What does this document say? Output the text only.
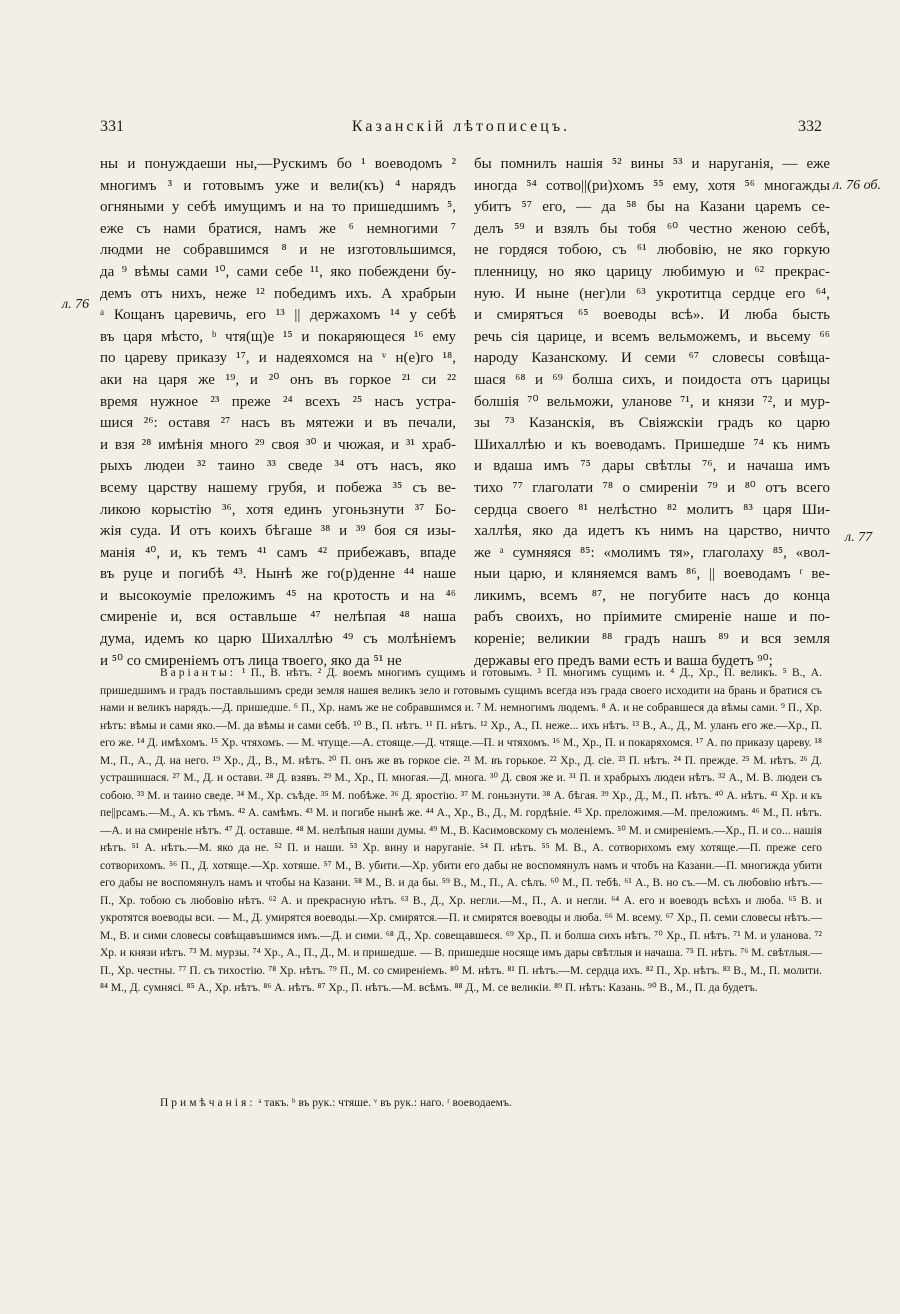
331	Казанскій лѣтописецъ.	332
л. 76
л. 76 об.
л. 77
ны и понуждаеши ны,—Рускимъ бо ¹ воеводомъ ²
многимъ ³ и готовымъ уже и вели(къ) ⁴ нарядъ
огняными у себѣ имущимъ и на то пришедшимъ ⁵,
еже съ нами братися, намъ же ⁶ немногими ⁷
людми не собравшимся ⁸ и не изготовльшимся,
да ⁹ вѣмы сами ¹⁰, сами себе ¹¹, яко побеждени бу-
демъ отъ нихъ, неже ¹² победимъ ихъ. А храбрыи
ᵃ Кощанъ царевичь, его ¹³ || держахомъ ¹⁴ у себѣ
въ царя мѣсто, ᵇ чтя(щ)е ¹⁵ и покаряющеся ¹⁶ ему
по цареву приказу ¹⁷, и надеяхомся на ᵛ н(е)го ¹⁸,
аки на царя же ¹⁹, и ²⁰ онъ въ горкое ²¹ си ²²
время нужное ²³ преже ²⁴ всехъ ²⁵ насъ устра-
шися ²⁶: оставя ²⁷ насъ въ мятежи и въ печали,
и взя ²⁸ имѣнія много ²⁹ своя ³⁰ и чюжая, и ³¹ храб-
рыхъ людеи ³² таино ³³ сведе ³⁴ отъ насъ, яко
всему царству нашему грубя, и побежа ³⁵ съ ве-
ликою корыстію ³⁶, хотя единъ угоньзнути ³⁷ Бо-
жія суда. И отъ коихъ бѣгаше ³⁸ и ³⁹ боя ся изы-
манія ⁴⁰, и, къ темъ ⁴¹ самъ ⁴² прибежавъ, впаде
въ руце и погибѣ ⁴³. Нынѣ же го(р)денне ⁴⁴ наше
и высокоуміе преложимъ ⁴⁵ на кротость и на ⁴⁶
смиреніе и, вся оставльше ⁴⁷ нелѣпая ⁴⁸ наша
дума, идемъ ко царю Шихаллѣю ⁴⁹ съ молѣніемъ
и ⁵⁰ со смиреніемъ отъ лица твоего, яко да ⁵¹ не
бы помнилъ нашія ⁵² вины ⁵³ и наруганія, — еже
иногда ⁵⁴ сотво||(ри)хомъ ⁵⁵ ему, хотя ⁵⁶ многажды
убитъ ⁵⁷ его, — да ⁵⁸ бы на Казани царемъ се-
делъ ⁵⁹ и взялъ бы тобя ⁶⁰ честно женою себѣ,
не гордяся тобою, съ ⁶¹ любовію, не яко горкую
пленницу, но яко царицу любимую и ⁶² прекрас-
ную. И ныне (нег)ли ⁶³ укротитца сердце его ⁶⁴,
и смирятъся ⁶⁵ воеводы всѣ». И люба бысть
речь сія царице, и всемъ вельможемъ, и вьсему ⁶⁶
народу Казанскому. И семи ⁶⁷ словесы совѣща-
шася ⁶⁸ и ⁶⁹ болша сихъ, и поидоста отъ царицы
болшія ⁷⁰ вельможи, улановe ⁷¹, и князи ⁷², и мур-
зы ⁷³ Казанскія, въ Свіяжскіи градъ ко царю
Шихаллѣю и къ воеводамъ. Пришедше ⁷⁴ къ нимъ
и вдаша имъ ⁷⁵ дары свѣтлы ⁷⁶, и начаша имъ
тихо ⁷⁷ глаголати ⁷⁸ о смиреніи ⁷⁹ и ⁸⁰ отъ всего
сердца своего ⁸¹ нелѣстно ⁸² молитъ ⁸³ царя Ши-
халлѣя, яко да идетъ къ нимъ на царство, ничто
же ᵃ сумняяся ⁸⁵: «молимъ тя», глаголаху ⁸⁵, «вол-
ныи царю, и кляняемся вамъ ⁸⁶, || воеводамъ ʳ ве-
ликимъ, всемъ ⁸⁷, не погубите насъ до конца
рабъ своихъ, но пріимите смиреніе наше и по-
кореніе; великии ⁸⁸ градъ нашъ ⁸⁹ и вся земля
державы его предъ вами есть и ваша будетъ ⁹⁰;
Варіанты: ¹ П., В. нѣтъ. ² Д. воемъ многимъ сущимъ и готовымъ. ³ П. многимъ сущимъ и. ⁴ Д., Хр., П. великъ. ⁵ В., А. пришедшимъ и градъ поставльшимъ среди земля нашея великъ зело и готовымъ сущимъ всегда изъ града своего исходити на брань и братися съ нами и великъ нарядъ.—Д. пришедше. ⁶ П., Хр. намъ же не собравшимся и. ⁷ М. немногимъ людемъ. ⁸ А. и не собравшеся да вѣмы сами. ⁹ П., Хр. нѣтъ: вѣмы и сами яко.—М. да вѣмы и сами себѣ. ¹⁰ В., П. нѣтъ. ¹¹ П. нѣтъ. ¹² Хр., А., П. неже... ихъ нѣтъ. ¹³ В., А., Д., М. уланъ его же.—Хр., П. его же. ¹⁴ Д. имѣхомъ. ¹⁵ Хр. чтяхомъ. — М. чтуще.—А. стояще.—Д. чтяще.—П. и чтяхомъ. ¹⁶ М., Хр., П. и покаряхомся. ¹⁷ А. по приказу цареву. ¹⁸ М., П., А., Д. на него. ¹⁹ Хр., Д., В., М. нѣтъ. ²⁰ П. онъ же въ горкое сіе. ²¹ М. въ горькое. ²² Хр., Д. сіе. ²³ П. нѣтъ. ²⁴ П. прежде. ²⁵ М. нѣтъ. ²⁶ Д. устрашишася. ²⁷ М., Д. и остави. ²⁸ Д. взявъ. ²⁹ М., Хр., П. многая.—Д. многа. ³⁰ Д. своя же и. ³¹ П. и храбрыхъ людеи нѣтъ. ³² А., М. В. людеи съ собою. ³³ М. и таино сведе. ³⁴ М., Хр. съѣде. ³⁵ М. побѣже. ³⁶ Д. яростію. ³⁷ М. гоньзнути. ³⁸ А. бѣгая. ³⁹ Хр., Д., М., П. нѣтъ. ⁴⁰ А. нѣтъ. ⁴¹ Хр. и къ пе||рсамъ.—М., А. къ тѣмъ. ⁴² А. самѣмъ. ⁴³ М. и погибе нынѣ же. ⁴⁴ А., Хр., В., Д., М. гордѣніе. ⁴⁵ Хр. преложимя.—М. преложимъ. ⁴⁶ М., П. нѣтъ.—А. и на смиреніе нѣтъ. ⁴⁷ Д. оставше. ⁴⁸ М. нелѣпыя наши думы. ⁴⁹ М., В. Касимовскому съ моленіемъ. ⁵⁰ М. и смиреніемъ.—Хр., П. и со... нашія нѣтъ. ⁵¹ А. нѣтъ.—М. яко да не. ⁵² П. и наши. ⁵³ Хр. вину и наруганіе. ⁵⁴ П. нѣтъ. ⁵⁵ М. В., А. сотворихомъ ему хотяще.—П. преже сего сотворихомъ. ⁵⁶ П., Д. хотяще.—Хр. хотяше. ⁵⁷ М., В. убити.—Хр. убити его дабы не воспомянулъ намъ и чтобъ на Казани.—П. многижда убити его дабы не воспомянулъ намъ и чтобы на Казани. ⁵⁸ М., В. и да бы. ⁵⁹ В., М., П., А. сѣлъ. ⁶⁰ М., П. тебѣ. ⁶¹ А., В. но съ.—М. съ любовію нѣтъ.—П., Хр. тобою съ любовію нѣтъ. ⁶² А. и прекрасную нѣтъ. ⁶³ В., Д., Хр. негли.—М., П., А. и негли. ⁶⁴ А. его и воеводъ всѣхъ и люба. ⁶⁵ В. и укротятся воеводы вси. — М., Д. умирятся воеводы.—Хр. смирятся.—П. и смирятся воеводы и люба. ⁶⁶ М. всему. ⁶⁷ Хр., П. семи словесы нѣтъ.—М., В. и сими словесы совѣщавъшимся имъ.—Д. и сими. ⁶⁸ Д., Хр. совещавшеся. ⁶⁹ Хр., П. и болша сихъ нѣтъ. ⁷⁰ Хр., П. нѣтъ. ⁷¹ М. и уланова. ⁷² Хр. и князи нѣтъ. ⁷³ М. мурзы. ⁷⁴ Хр., А., П., Д., М. и пришедше. — В. пришедше носяще имъ дары свѣтлыя и начаша. ⁷⁵ П. нѣтъ. ⁷⁶ М. свѣтлыя.—П., Хр. честны. ⁷⁷ П. съ тихостію. ⁷⁸ Хр. нѣтъ. ⁷⁹ П., М. со смиреніемъ. ⁸⁰ М. нѣтъ. ⁸¹ П. нѣтъ.—М. сердца ихъ. ⁸² П., Хр. нѣтъ. ⁸³ В., М., П. молити. ⁸⁴ М., Д. сумнясі. ⁸⁵ А., Хр. нѣтъ. ⁸⁶ А. нѣтъ. ⁸⁷ Хр., П. нѣтъ.—М. всѣмъ. ⁸⁸ Д., М. се великіи. ⁸⁹ П. нѣтъ: Казань. ⁹⁰ В., М., П. да будетъ.
Примѣчанія: ᵃ такъ. ᵇ въ рук.: чтяше. ᵛ въ рук.: наго. ʳ воеводаемъ.
